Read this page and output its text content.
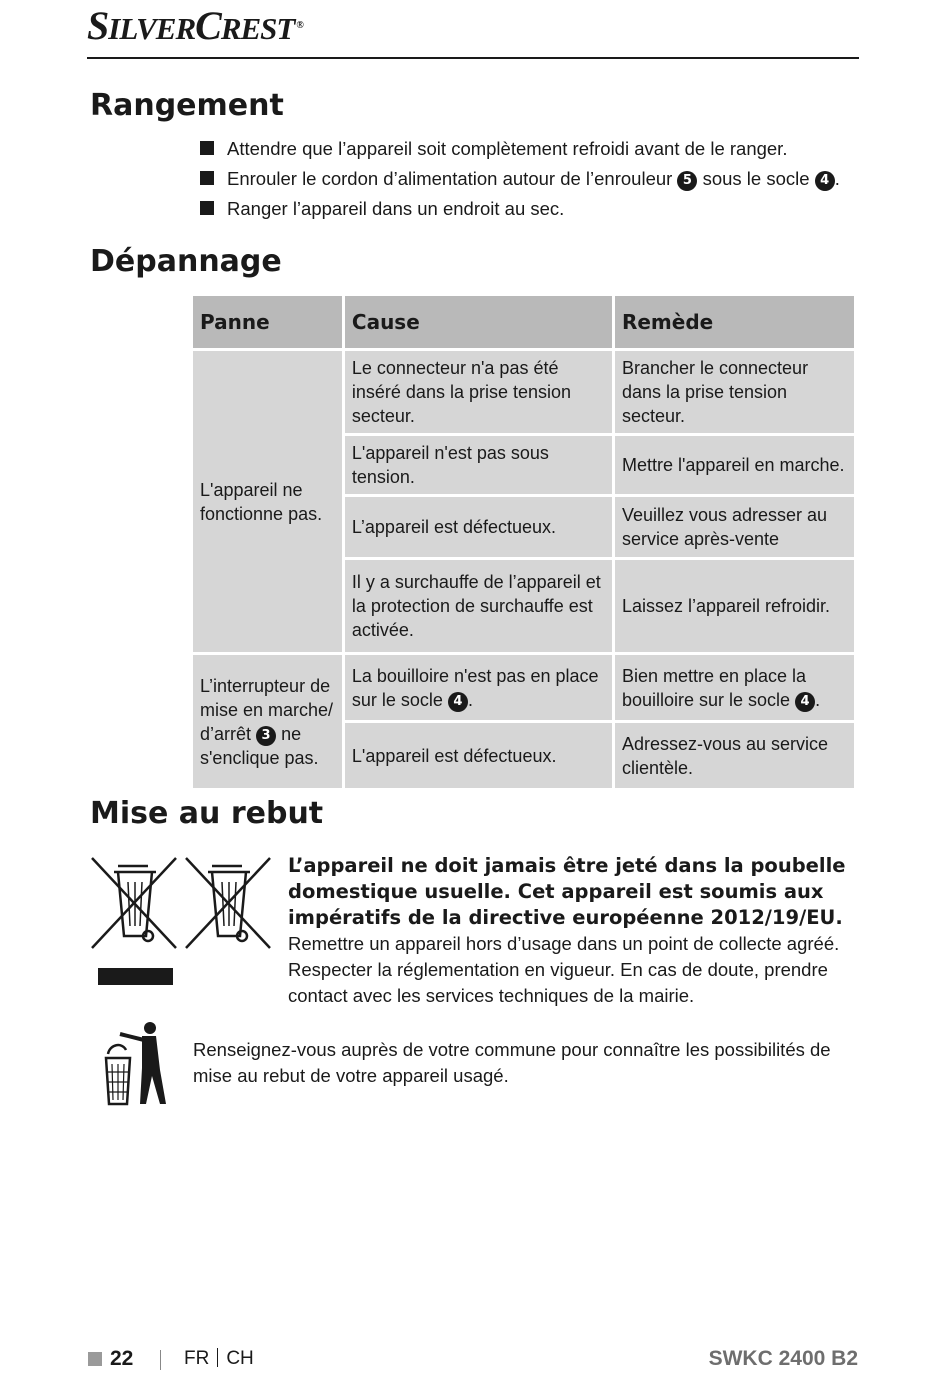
SILVERCREST ®
Rangement
Attendre que l’appareil soit complètement refroidi avant de le ranger.
Enrouler le cordon d’alimentation autour de l’enrouleur 5 sous le socle 4 .
Ranger l’appareil dans un endroit au sec.
Dépannage
Panne	Cause	Remède
L'appareil ne fonctionne pas.	Le connecteur n'a pas été inséré dans la prise tension secteur.	Brancher le connecteur dans la prise tension secteur.
	L'appareil n'est pas sous tension.	Mettre l'appareil en marche.
	L’appareil est défectueux.	Veuillez vous adresser au service après-vente
	Il y a surchauffe de l’appareil et la protection de surchauffe est activée.	Laissez l’appareil refroidir.
L’interrupteur de mise en marche/ d’arrêt 3 ne s'enclique pas.	La bouilloire n'est pas en place sur le socle 4 .	Bien mettre en place la bouilloire sur le socle 4 .
	L'appareil est défectueux.	Adressez-vous au service clientèle.
Mise au rebut
L’appareil ne doit jamais être jeté dans la poubelle domestique usuelle. Cet appareil est soumis aux impératifs de la directive européenne 2012/19/EU.
Remettre un appareil hors d’usage dans un point de collecte agréé. Respecter la réglementation en vigueur. En cas de doute, prendre contact avec les services techniques de la mairie.
Renseignez-vous auprès de votre commune pour connaître les possibilités de mise au rebut de votre appareil usagé.
22	FR CH	SWKC 2400 B2
